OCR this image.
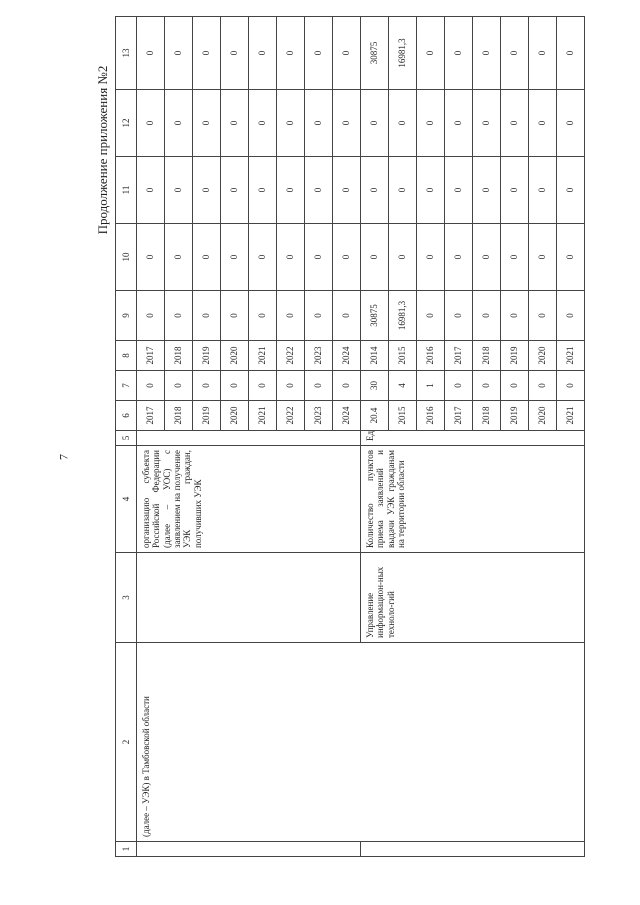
7
Продолжение приложения №2
1	2	3	4	5	6	7	8	9	10	11	12	13
	(далее – УЭК) в Тамбовской области		организацию субъекта Российской Федерации (далее – УОС) с заявлением на получение УЭК граждан, получивших УЭК		2017	0	2017	0	0	0	0	0
					2018	0	2018	0	0	0	0	0
					2019	0	2019	0	0	0	0	0
					2020	0	2020	0	0	0	0	0
					2021	0	2021	0	0	0	0	0
					2022	0	2022	0	0	0	0	0
					2023	0	2023	0	0	0	0	0
					2024	0	2024	0	0	0	0	0
		Управление информацион-ных техноло-гий	Количество пунктов приема заявлений и выдачи УЭК гражданам на территории области	Ед.	20.4	30	2014	30875	0	0	0	30875
					2015	4	2015	16981,3	0	0	0	16981,3
					2016	1	2016	0	0	0	0	0
					2017	0	2017	0	0	0	0	0
					2018	0	2018	0	0	0	0	0
					2019	0	2019	0	0	0	0	0
					2020	0	2020	0	0	0	0	0
					2021	0	2021	0	0	0	0	0
